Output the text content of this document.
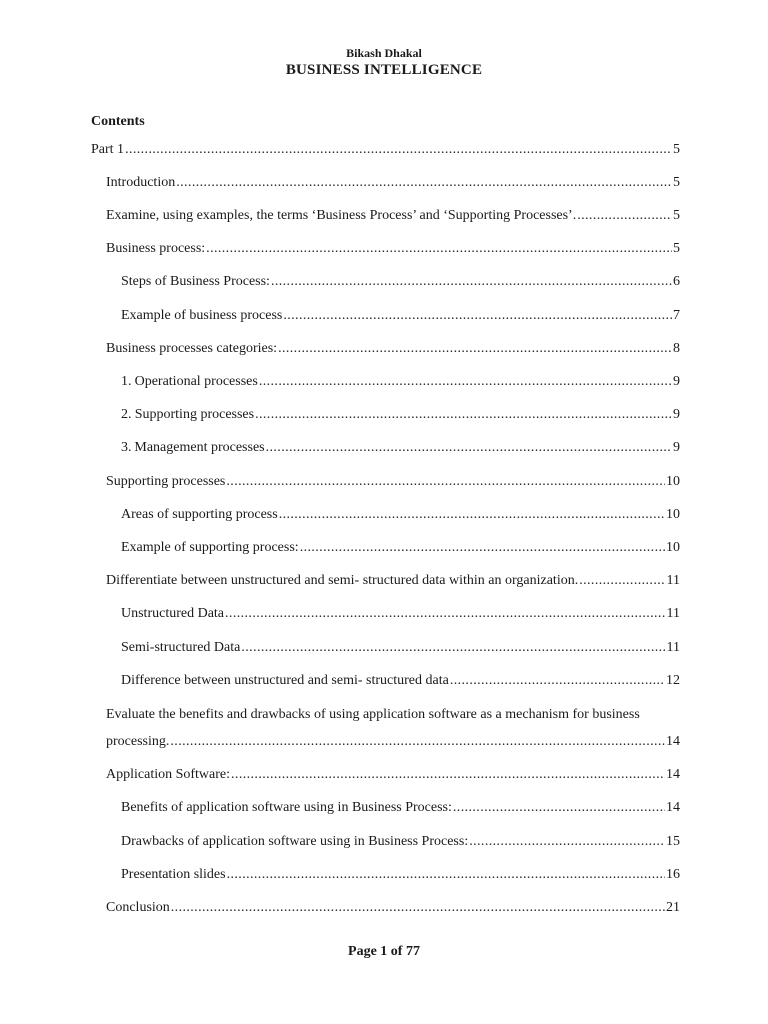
Bikash Dhakal
BUSINESS INTELLIGENCE
Contents
Part 1 .....	5
Introduction .....	5
Examine, using examples, the terms ‘Business Process’ and ‘Supporting Processes’. .....	5
Business process: .....	5
Steps of Business Process: .....	6
Example of business process .....	7
Business processes categories: .....	8
1. Operational processes .....	9
2. Supporting processes .....	9
3. Management processes .....	9
Supporting processes .....	10
Areas of supporting process .....	10
Example of supporting process: .....	10
Differentiate between unstructured and semi- structured data within an organization. .....	11
Unstructured Data .....	11
Semi-structured Data .....	11
Difference between unstructured and semi- structured data .....	12
Evaluate the benefits and drawbacks of using application software as a mechanism for business
processing. .....	14
Application Software: .....	14
Benefits of application software using in Business Process: .....	14
Drawbacks of application software using in Business Process: .....	15
Presentation slides .....	16
Conclusion .....	21
Page 1 of 77
